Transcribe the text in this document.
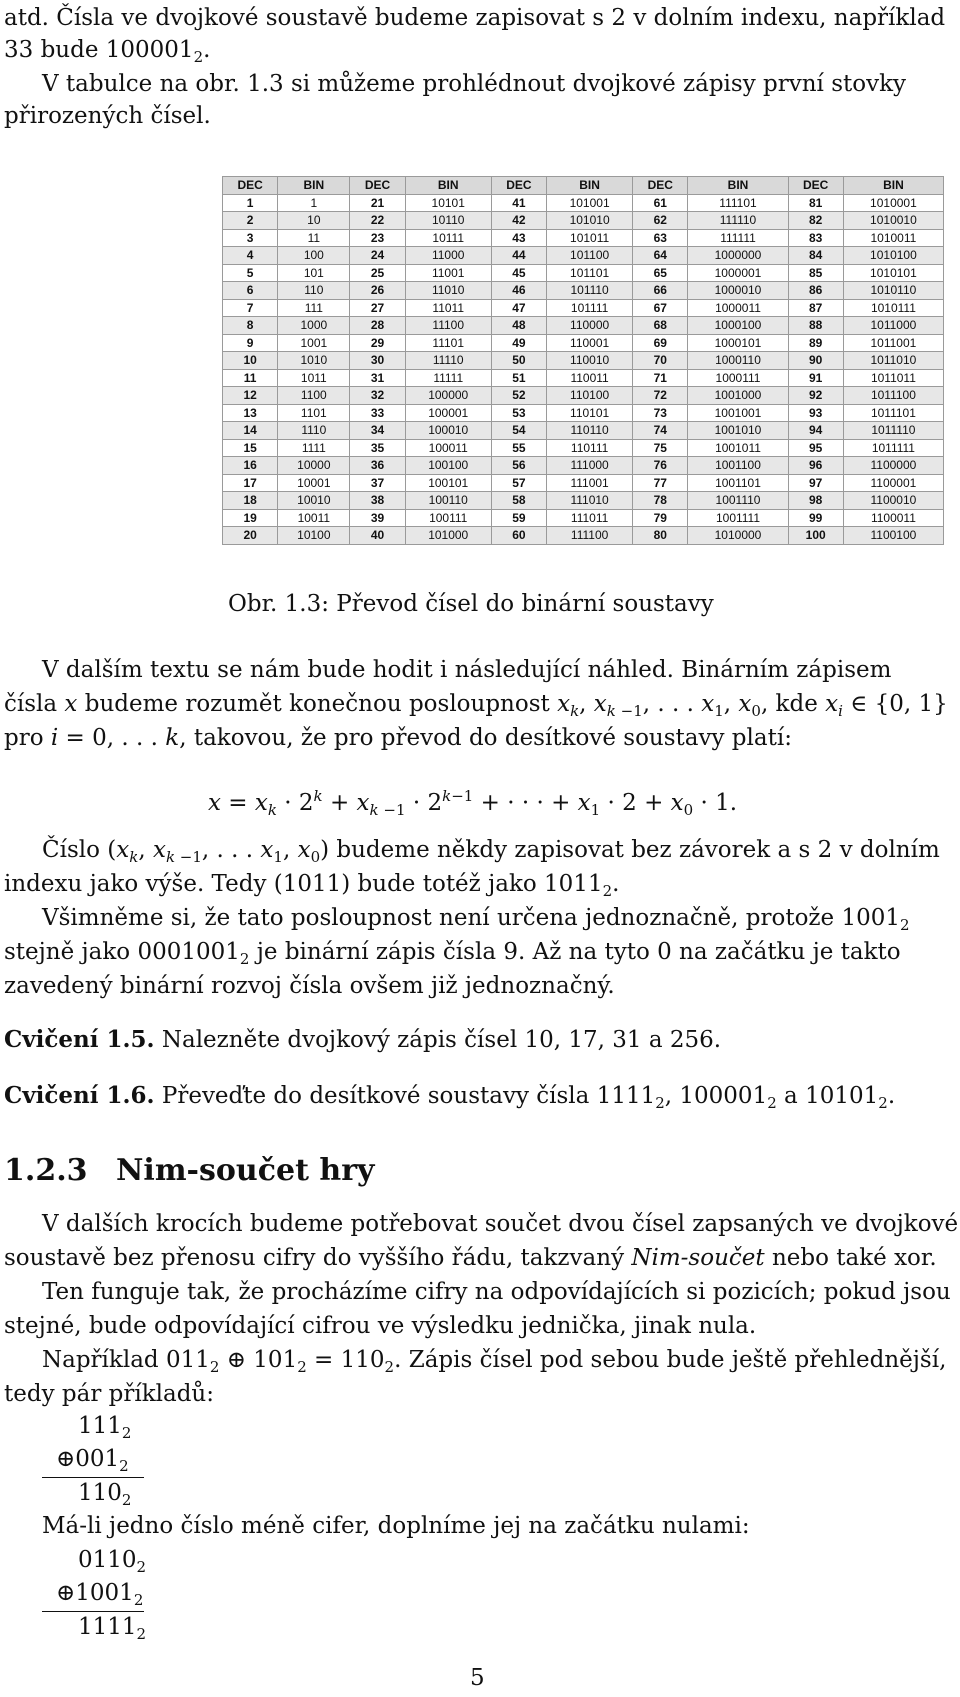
atd. Čísla ve dvojkové soustavě budeme zapisovat s 2 v dolním indexu, například
33 bude $100001_2$.
V tabulce na obr. 1.3 si můžeme prohlédnout dvojkové zápisy první stovky
přirozených čísel.
DEC	BIN	DEC	BIN	DEC	BIN	DEC	BIN	DEC	BIN
1	1	21	10101	41	101001	61	111101	81	1010001
2	10	22	10110	42	101010	62	111110	82	1010010
3	11	23	10111	43	101011	63	111111	83	1010011
4	100	24	11000	44	101100	64	1000000	84	1010100
5	101	25	11001	45	101101	65	1000001	85	1010101
6	110	26	11010	46	101110	66	1000010	86	1010110
7	111	27	11011	47	101111	67	1000011	87	1010111
8	1000	28	11100	48	110000	68	1000100	88	1011000
9	1001	29	11101	49	110001	69	1000101	89	1011001
10	1010	30	11110	50	110010	70	1000110	90	1011010
11	1011	31	11111	51	110011	71	1000111	91	1011011
12	1100	32	100000	52	110100	72	1001000	92	1011100
13	1101	33	100001	53	110101	73	1001001	93	1011101
14	1110	34	100010	54	110110	74	1001010	94	1011110
15	1111	35	100011	55	110111	75	1001011	95	1011111
16	10000	36	100100	56	111000	76	1001100	96	1100000
17	10001	37	100101	57	111001	77	1001101	97	1100001
18	10010	38	100110	58	111010	78	1001110	98	1100010
19	10011	39	100111	59	111011	79	1001111	99	1100011
20	10100	40	101000	60	111100	80	1010000	100	1100100
Obr. 1.3: Převod čísel do binární soustavy
V dalším textu se nám bude hodit i následující náhled. Binárním zápisem
čísla x budeme rozumět konečnou posloupnost $x_k$, $x_{k -1}$, . . . $x_1$, $x_0$, kde $x_i$ ∈ {0, 1}
pro i = 0, . . . k, takovou, že pro převod do desítkové soustavy platí:
$x = x_k \cdot 2^k + x_{k -1} \cdot 2^{k-1}$ + · · · + $x_1 \cdot 2 + x_0 \cdot 1$.
Číslo ($x_k$, $x_{k -1}$, . . . $x_1$, $x_0$) budeme někdy zapisovat bez závorek a s 2 v dolním
indexu jako výše. Tedy (1011) bude totéž jako $1011_2$.
Všimněme si, že tato posloupnost není určena jednoznačně, protože $1001_2$
stejně jako $0001001_2$ je binární zápis čísla 9. Až na tyto 0 na začátku je takto
zavedený binární rozvoj čísla ovšem již jednoznačný.
Cvičení 1.5. Nalezněte dvojkový zápis čísel 10, 17, 31 a 256.
Cvičení 1.6. Převeďte do desítkové soustavy čísla $1111_2$, $100001_2$ a $10101_2$.
1.2.3 Nim-součet hry
V dalších krocích budeme potřebovat součet dvou čísel zapsaných ve dvojkové
soustavě bez přenosu cifry do vyššího řádu, takzvaný Nim-součet nebo také xor.
Ten funguje tak, že procházíme cifry na odpovídajících si pozicích; pokud jsou
stejné, bude odpovídající cifrou ve výsledku jednička, jinak nula.
Například $011_2$ ⊕ $101_2 = 110_2$. Zápis čísel pod sebou bude ještě přehlednější,
tedy pár příkladů:
$111_2$
$\oplus 001_2$
$110_2$
Má-li jedno číslo méně cifer, doplníme jej na začátku nulami:
$0110_2$
$\oplus 1001_2$
$1111_2$
5
